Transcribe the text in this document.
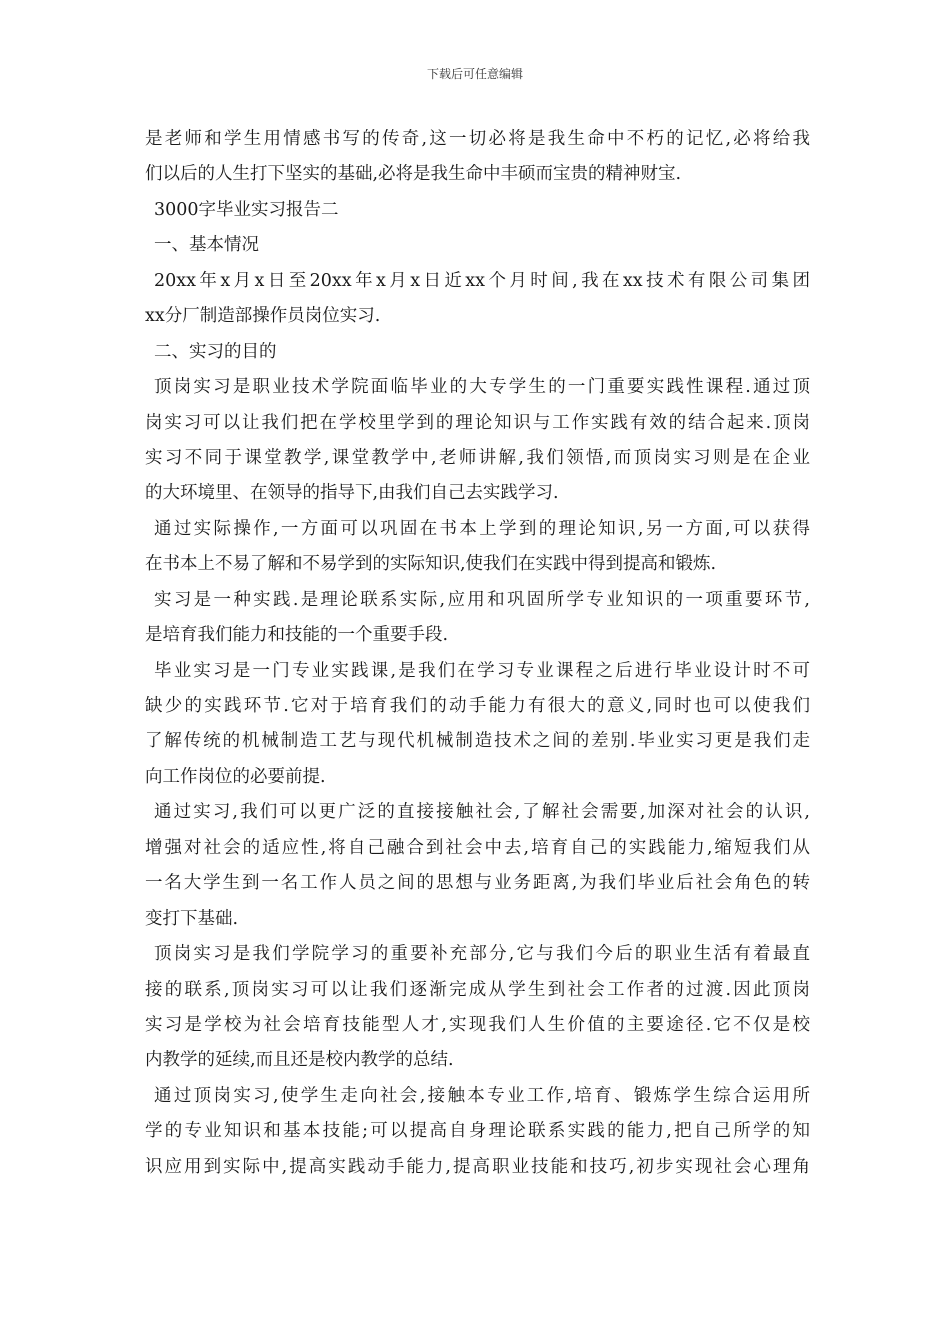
下载后可任意编辑
是老师和学生用情感书写的传奇,这一切必将是我生命中不朽的记忆,必将给我
们以后的人生打下坚实的基础,必将是我生命中丰硕而宝贵的精神财宝.
3000字毕业实习报告二
一、基本情况
20xx年x月x日至20xx年x月x日近xx个月时间,我在xx技术有限公司集团
xx分厂制造部操作员岗位实习.
二、实习的目的
顶岗实习是职业技术学院面临毕业的大专学生的一门重要实践性课程.通过顶
岗实习可以让我们把在学校里学到的理论知识与工作实践有效的结合起来.顶岗
实习不同于课堂教学,课堂教学中,老师讲解,我们领悟,而顶岗实习则是在企业
的大环境里、在领导的指导下,由我们自己去实践学习.
通过实际操作,一方面可以巩固在书本上学到的理论知识,另一方面,可以获得
在书本上不易了解和不易学到的实际知识,使我们在实践中得到提高和锻炼.
实习是一种实践.是理论联系实际,应用和巩固所学专业知识的一项重要环节,
是培育我们能力和技能的一个重要手段.
毕业实习是一门专业实践课,是我们在学习专业课程之后进行毕业设计时不可
缺少的实践环节.它对于培育我们的动手能力有很大的意义,同时也可以使我们
了解传统的机械制造工艺与现代机械制造技术之间的差别.毕业实习更是我们走
向工作岗位的必要前提.
通过实习,我们可以更广泛的直接接触社会,了解社会需要,加深对社会的认识,
增强对社会的适应性,将自己融合到社会中去,培育自己的实践能力,缩短我们从
一名大学生到一名工作人员之间的思想与业务距离,为我们毕业后社会角色的转
变打下基础.
顶岗实习是我们学院学习的重要补充部分,它与我们今后的职业生活有着最直
接的联系,顶岗实习可以让我们逐渐完成从学生到社会工作者的过渡.因此顶岗
实习是学校为社会培育技能型人才,实现我们人生价值的主要途径.它不仅是校
内教学的延续,而且还是校内教学的总结.
通过顶岗实习,使学生走向社会,接触本专业工作,培育、锻炼学生综合运用所
学的专业知识和基本技能;可以提高自身理论联系实践的能力,把自己所学的知
识应用到实际中,提高实践动手能力,提高职业技能和技巧,初步实现社会心理角
